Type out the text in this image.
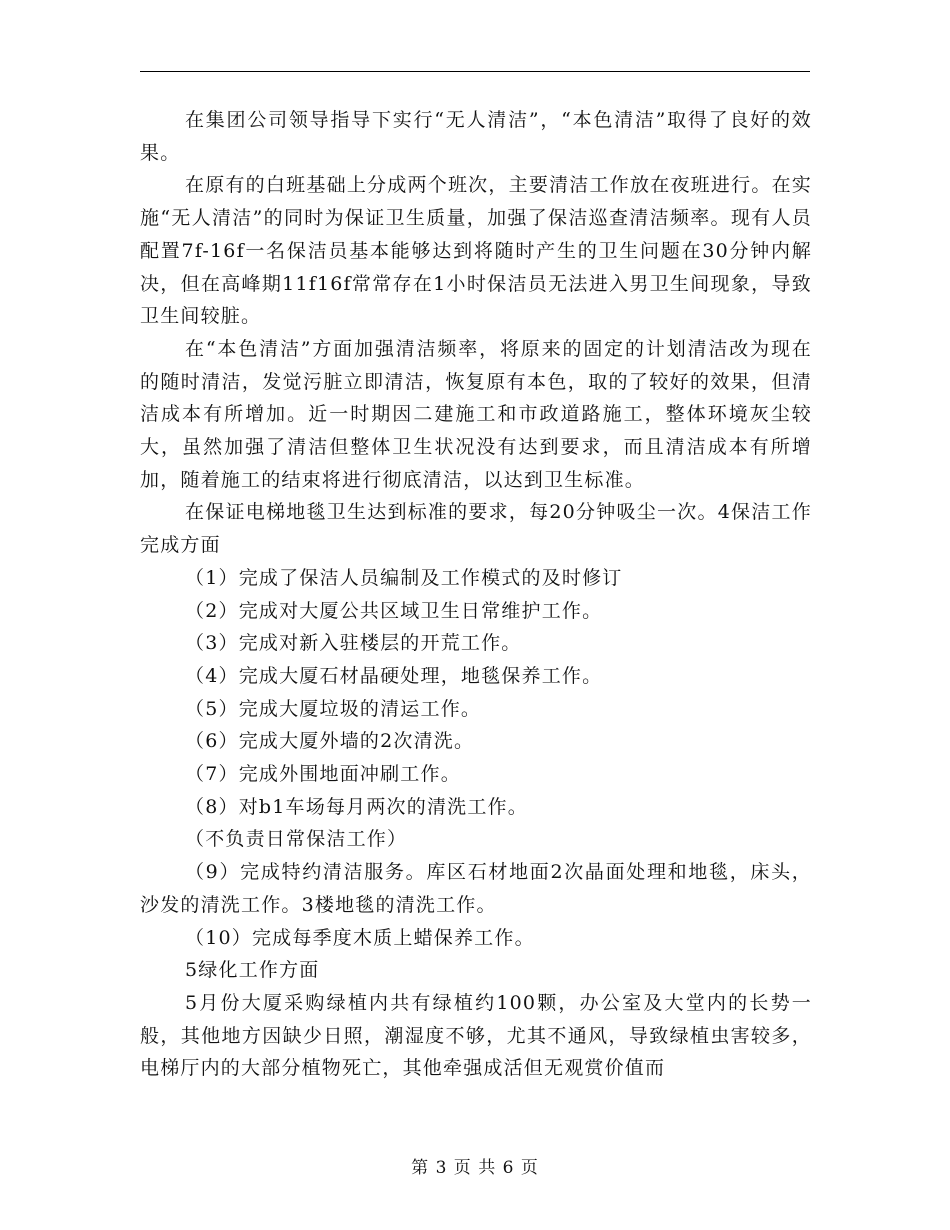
在集团公司领导指导下实行“无人清洁”，“本色清洁”取得了良好的效果。

在原有的白班基础上分成两个班次，主要清洁工作放在夜班进行。在实施“无人清洁”的同时为保证卫生质量，加强了保洁巡查清洁频率。现有人员配置7f-16f一名保洁员基本能够达到将随时产生的卫生问题在30分钟内解决，但在高峰期11f16f常常存在1小时保洁员无法进入男卫生间现象，导致卫生间较脏。

在“本色清洁”方面加强清洁频率，将原来的固定的计划清洁改为现在的随时清洁，发觉污脏立即清洁，恢复原有本色，取的了较好的效果，但清洁成本有所增加。近一时期因二建施工和市政道路施工，整体环境灰尘较大，虽然加强了清洁但整体卫生状况没有达到要求，而且清洁成本有所增加，随着施工的结束将进行彻底清洁，以达到卫生标准。

在保证电梯地毯卫生达到标准的要求，每20分钟吸尘一次。4保洁工作完成方面

（1）完成了保洁人员编制及工作模式的及时修订

（2）完成对大厦公共区域卫生日常维护工作。

（3）完成对新入驻楼层的开荒工作。

（4）完成大厦石材晶硬处理，地毯保养工作。

（5）完成大厦垃圾的清运工作。

（6）完成大厦外墙的2次清洗。

（7）完成外围地面冲刷工作。

（8）对b1车场每月两次的清洗工作。

（不负责日常保洁工作）

（9）完成特约清洁服务。库区石材地面2次晶面处理和地毯，床头，沙发的清洗工作。3楼地毯的清洗工作。

（10）完成每季度木质上蜡保养工作。

5绿化工作方面

5月份大厦采购绿植内共有绿植约100颗，办公室及大堂内的长势一般，其他地方因缺少日照，潮湿度不够，尤其不通风，导致绿植虫害较多，电梯厅内的大部分植物死亡，其他牵强成活但无观赏价值而

第 3 页 共 6 页
